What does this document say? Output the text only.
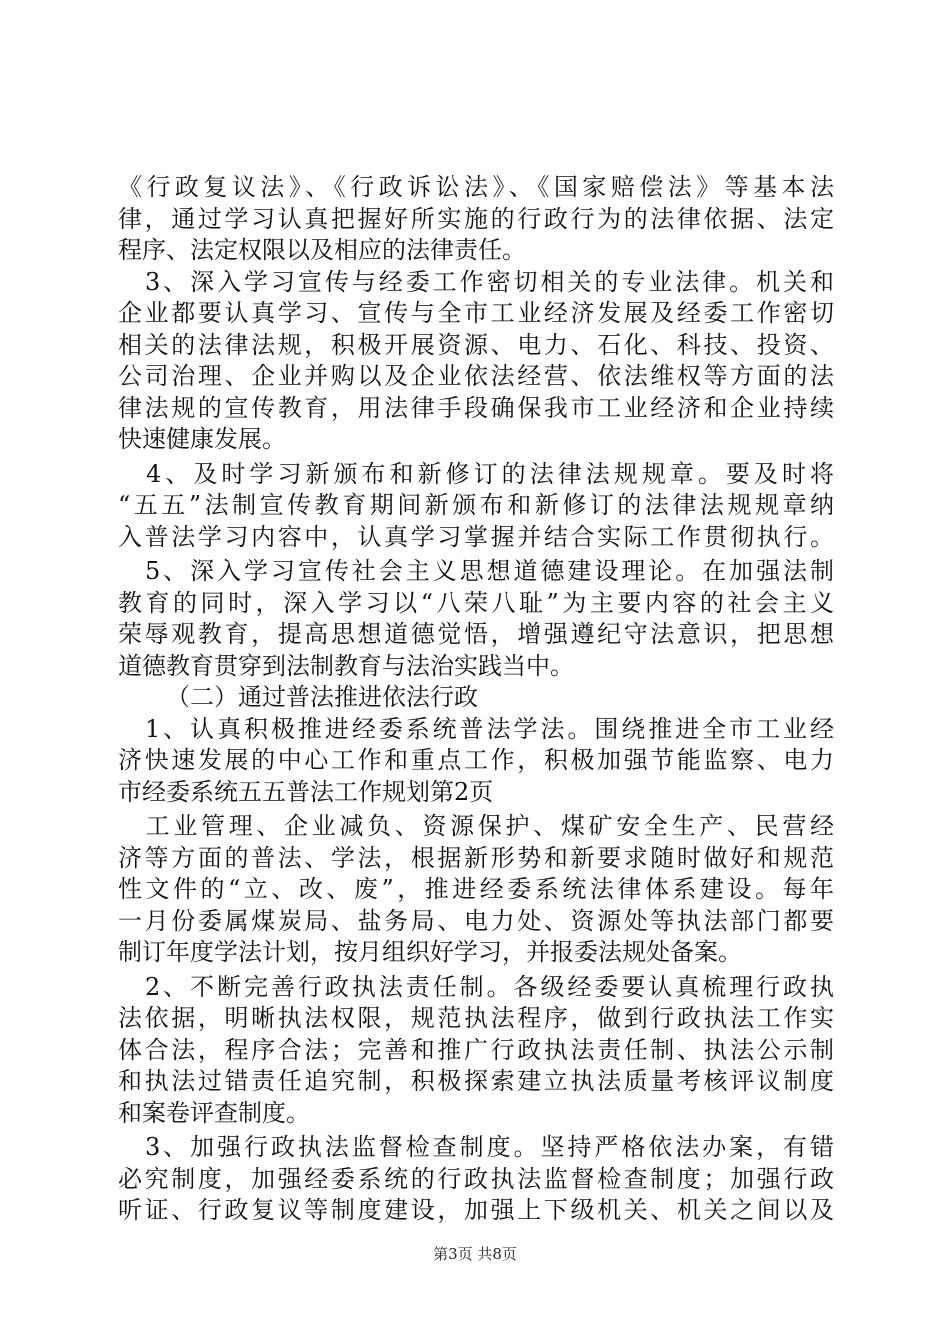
《行政复议法》、《行政诉讼法》、《国家赔偿法》等基本法
律，通过学习认真把握好所实施的行政行为的法律依据、法定
程序、法定权限以及相应的法律责任。
　3、深入学习宣传与经委工作密切相关的专业法律。机关和
企业都要认真学习、宣传与全市工业经济发展及经委工作密切
相关的法律法规，积极开展资源、电力、石化、科技、投资、
公司治理、企业并购以及企业依法经营、依法维权等方面的法
律法规的宣传教育，用法律手段确保我市工业经济和企业持续
快速健康发展。
　4、及时学习新颁布和新修订的法律法规规章。要及时将
“五五”法制宣传教育期间新颁布和新修订的法律法规规章纳
入普法学习内容中，认真学习掌握并结合实际工作贯彻执行。
　5、深入学习宣传社会主义思想道德建设理论。在加强法制
教育的同时，深入学习以“八荣八耻”为主要内容的社会主义
荣辱观教育，提高思想道德觉悟，增强遵纪守法意识，把思想
道德教育贯穿到法制教育与法治实践当中。
　（二）通过普法推进依法行政
　1、认真积极推进经委系统普法学法。围绕推进全市工业经
济快速发展的中心工作和重点工作，积极加强节能监察、电力
市经委系统五五普法工作规划第2页
　工业管理、企业减负、资源保护、煤矿安全生产、民营经
济等方面的普法、学法，根据新形势和新要求随时做好和规范
性文件的“立、改、废”，推进经委系统法律体系建设。每年
一月份委属煤炭局、盐务局、电力处、资源处等执法部门都要
制订年度学法计划，按月组织好学习，并报委法规处备案。
　2、不断完善行政执法责任制。各级经委要认真梳理行政执
法依据，明晰执法权限，规范执法程序，做到行政执法工作实
体合法，程序合法；完善和推广行政执法责任制、执法公示制
和执法过错责任追究制，积极探索建立执法质量考核评议制度
和案卷评查制度。
第3页 共8页
　3、加强行政执法监督检查制度。坚持严格依法办案，有错
必究制度，加强经委系统的行政执法监督检查制度；加强行政
听证、行政复议等制度建设，加强上下级机关、机关之间以及
